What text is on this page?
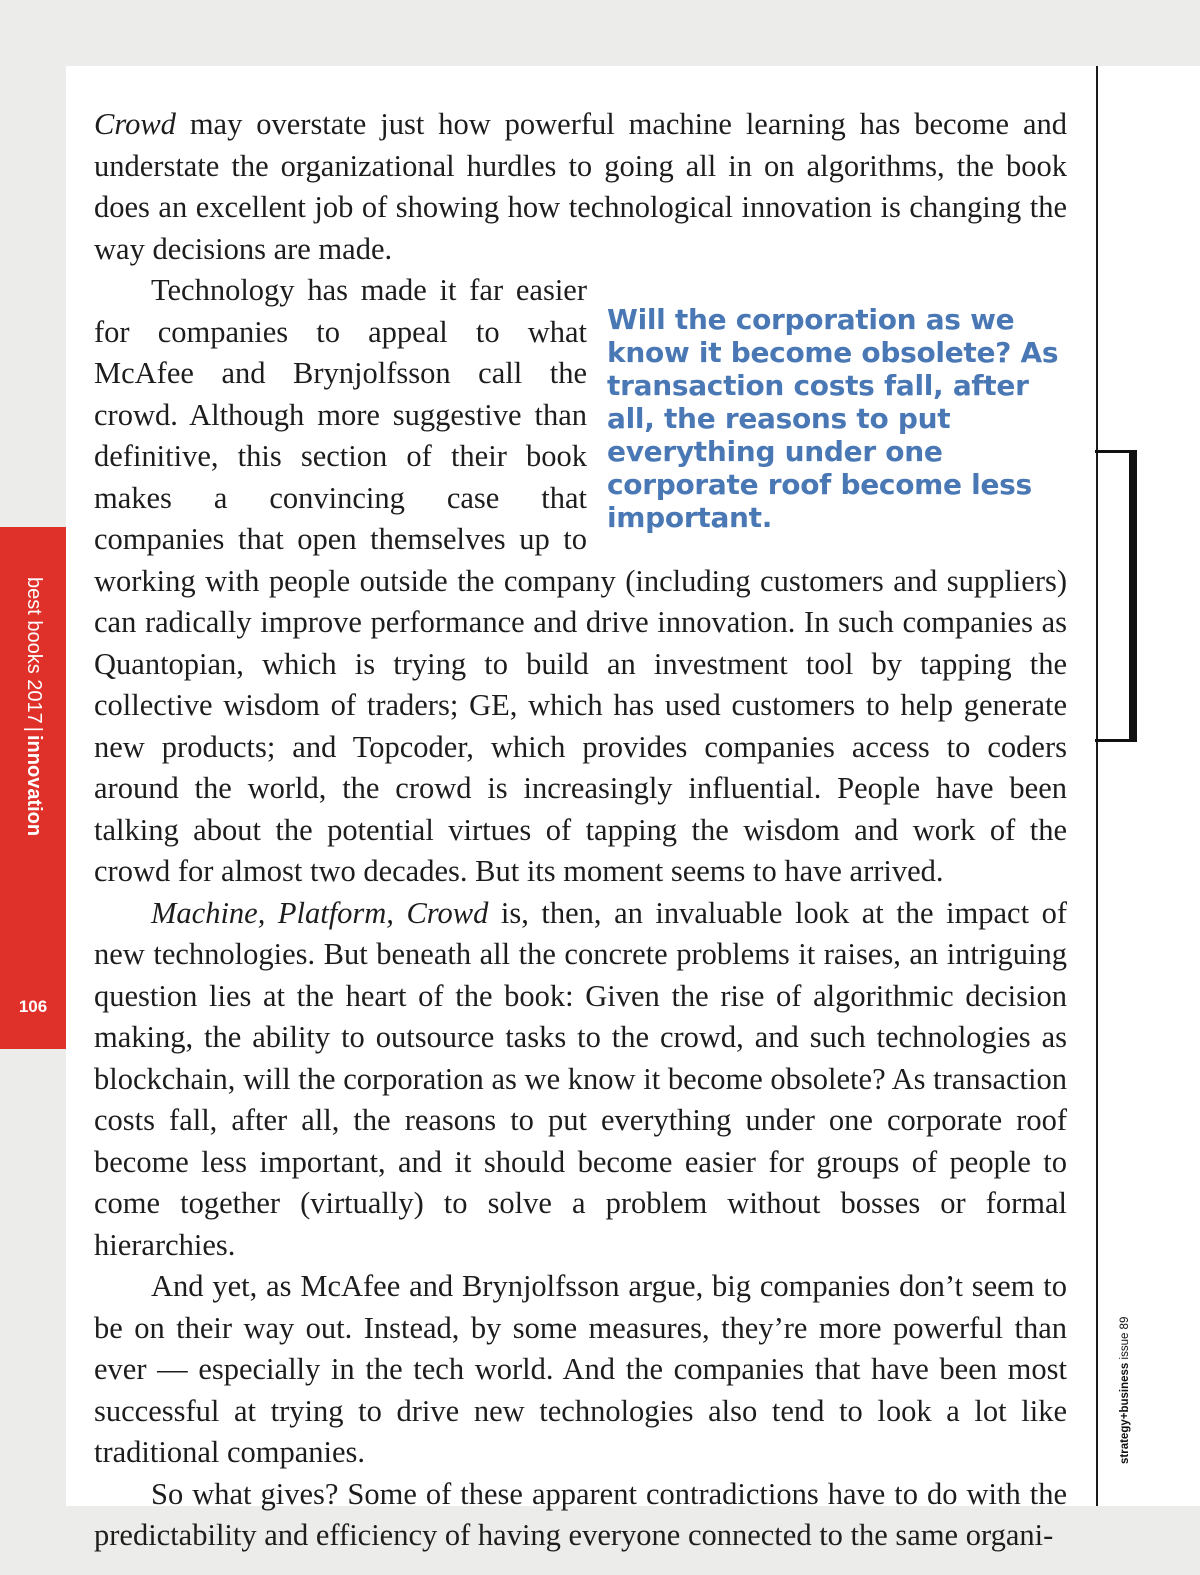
best books 2017|innovation
106
strategy+business issue 89

Crowd may overstate just how powerful machine learning has become and understate the organizational hurdles to going all in on algorithms, the book does an excellent job of showing how technological innovation is changing the way decisions are made.

Will the corporation as we know it become obsolete? As transaction costs fall, after all, the reasons to put everything under one corporate roof become less important.

Technology has made it far easier for companies to appeal to what McAfee and Brynjolfsson call the crowd. Although more suggestive than definitive, this section of their book makes a convincing case that companies that open themselves up to working with people outside the company (including customers and suppliers) can radically improve performance and drive innovation. In such companies as Quantopian, which is trying to build an investment tool by tapping the collective wisdom of traders; GE, which has used customers to help generate new products; and Topcoder, which provides companies access to coders around the world, the crowd is increasingly influential. People have been talking about the potential virtues of tapping the wisdom and work of the crowd for almost two decades. But its moment seems to have arrived.

Machine, Platform, Crowd is, then, an invaluable look at the impact of new technologies. But beneath all the concrete problems it raises, an intriguing question lies at the heart of the book: Given the rise of algorithmic decision making, the ability to outsource tasks to the crowd, and such technologies as blockchain, will the corporation as we know it become obsolete? As transaction costs fall, after all, the reasons to put everything under one corporate roof become less important, and it should become easier for groups of people to come together (virtually) to solve a problem without bosses or formal hierarchies.

And yet, as McAfee and Brynjolfsson argue, big companies don’t seem to be on their way out. Instead, by some measures, they’re more powerful than ever — especially in the tech world. And the companies that have been most successful at trying to drive new technologies also tend to look a lot like traditional companies.

So what gives? Some of these apparent contradictions have to do with the predictability and efficiency of having everyone connected to the same organi-
